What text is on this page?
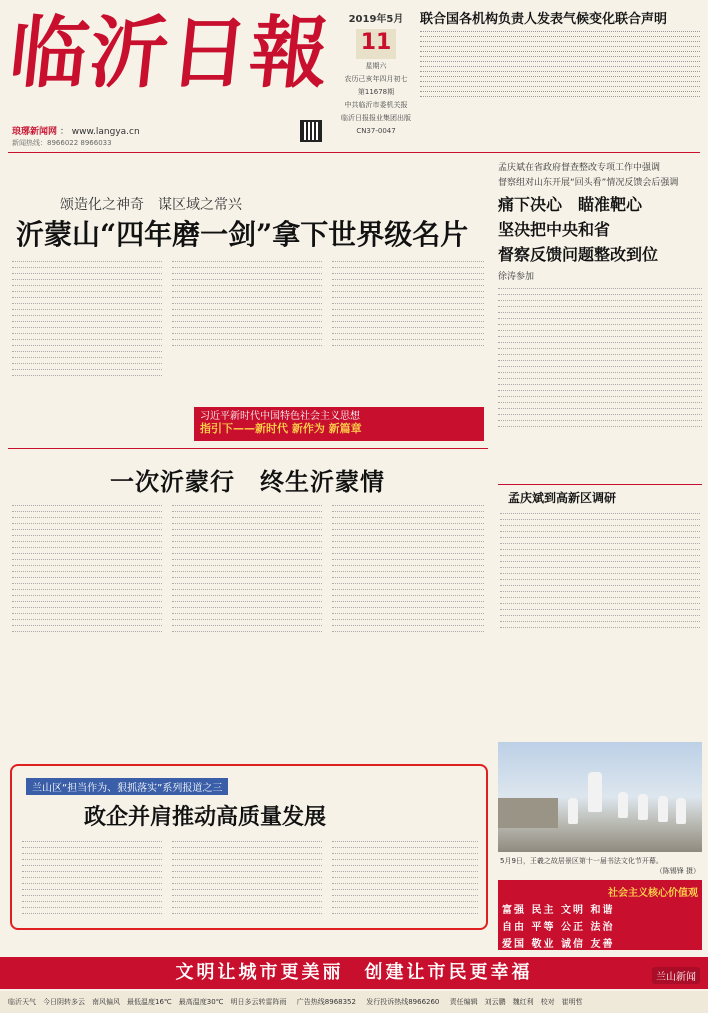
临沂日報
琅琊新闻网 ： www.langya.cn
新闻热线：8966022 8966033
2019年5月
11
星期六
农历己亥年四月初七
第11678期
中共临沂市委机关报
临沂日报报业集团出版
CN37-0047
联合国各机构负责人发表气候变化联合声明
颂造化之神奇　谋区域之常兴
沂蒙山“四年磨一剑”拿下世界级名片
习近平新时代中国特色社会主义思想
指引下——新时代 新作为 新篇章
一次沂蒙行　终生沂蒙情
孟庆斌在省政府督查整改专项工作中强调
督察组对山东开展“回头看”情况反馈会后强调
痛下决心　瞄准靶心
坚决把中央和省
督察反馈问题整改到位
徐涛参加
孟庆斌到高新区调研
兰山区“担当作为、狠抓落实”系列报道之三
政企并肩推动高质量发展
5月9日，王羲之故居景区第十一届书法文化节开幕。
（陈锡锋 摄）
社会主义核心价值观
富强 民主 文明 和谐
自由 平等 公正 法治
爱国 敬业 诚信 友善
文明让城市更美丽　创建让市民更幸福	兰山新闻
临沂天气　今日阴转多云　南风偏风　最低温度16℃　最高温度30℃　明日多云转雷阵雨 广告热线8968352 发行投诉热线8966260 责任编辑　刘云鹏　魏红利　校对　崔明哲
